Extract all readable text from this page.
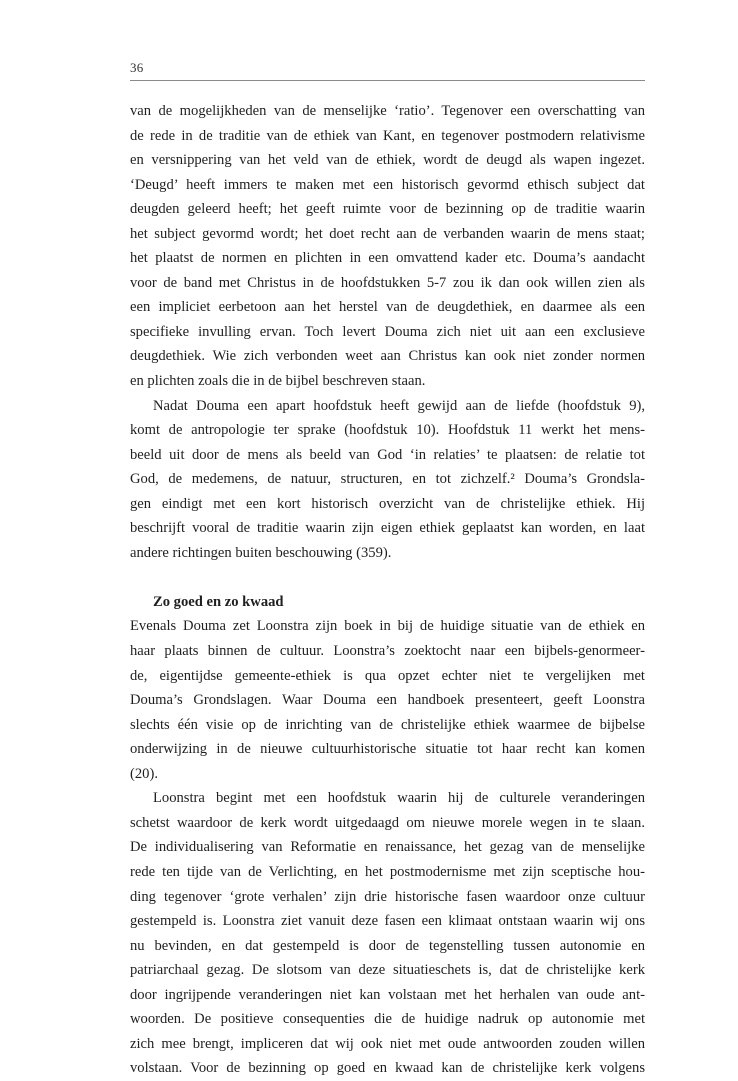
36
van de mogelijkheden van de menselijke ‘ratio’. Tegenover een overschatting van
de rede in de traditie van de ethiek van Kant, en tegenover postmodern relativisme
en versnippering van het veld van de ethiek, wordt de deugd als wapen ingezet.
‘Deugd’ heeft immers te maken met een historisch gevormd ethisch subject dat
deugden geleerd heeft; het geeft ruimte voor de bezinning op de traditie waarin
het subject gevormd wordt; het doet recht aan de verbanden waarin de mens staat;
het plaatst de normen en plichten in een omvattend kader etc. Douma’s aandacht
voor de band met Christus in de hoofdstukken 5-7 zou ik dan ook willen zien als
een impliciet eerbetoon aan het herstel van de deugdethiek, en daarmee als een
specifieke invulling ervan. Toch levert Douma zich niet uit aan een exclusieve
deugdethiek. Wie zich verbonden weet aan Christus kan ook niet zonder normen
en plichten zoals die in de bijbel beschreven staan.
Nadat Douma een apart hoofdstuk heeft gewijd aan de liefde (hoofdstuk 9),
komt de antropologie ter sprake (hoofdstuk 10). Hoofdstuk 11 werkt het mens-
beeld uit door de mens als beeld van God ‘in relaties’ te plaatsen: de relatie tot
God, de medemens, de natuur, structuren, en tot zichzelf.² Douma’s Grondsla-
gen eindigt met een kort historisch overzicht van de christelijke ethiek. Hij
beschrijft vooral de traditie waarin zijn eigen ethiek geplaatst kan worden, en laat
andere richtingen buiten beschouwing (359).
Zo goed en zo kwaad
Evenals Douma zet Loonstra zijn boek in bij de huidige situatie van de ethiek en
haar plaats binnen de cultuur. Loonstra’s zoektocht naar een bijbels-genormeer-
de, eigentijdse gemeente-ethiek is qua opzet echter niet te vergelijken met
Douma’s Grondslagen. Waar Douma een handboek presenteert, geeft Loonstra
slechts één visie op de inrichting van de christelijke ethiek waarmee de bijbelse
onderwijzing in de nieuwe cultuurhistorische situatie tot haar recht kan komen
(20).
Loonstra begint met een hoofdstuk waarin hij de culturele veranderingen
schetst waardoor de kerk wordt uitgedaagd om nieuwe morele wegen in te slaan.
De individualisering van Reformatie en renaissance, het gezag van de menselijke
rede ten tijde van de Verlichting, en het postmodernisme met zijn sceptische hou-
ding tegenover ‘grote verhalen’ zijn drie historische fasen waardoor onze cultuur
gestempeld is. Loonstra ziet vanuit deze fasen een klimaat ontstaan waarin wij ons
nu bevinden, en dat gestempeld is door de tegenstelling tussen autonomie en
patriarchaal gezag. De slotsom van deze situatieschets is, dat de christelijke kerk
door ingrijpende veranderingen niet kan volstaan met het herhalen van oude ant-
woorden. De positieve consequenties die de huidige nadruk op autonomie met
zich mee brengt, impliceren dat wij ook niet met oude antwoorden zouden willen
volstaan. Voor de bezinning op goed en kwaad kan de christelijke kerk volgens
